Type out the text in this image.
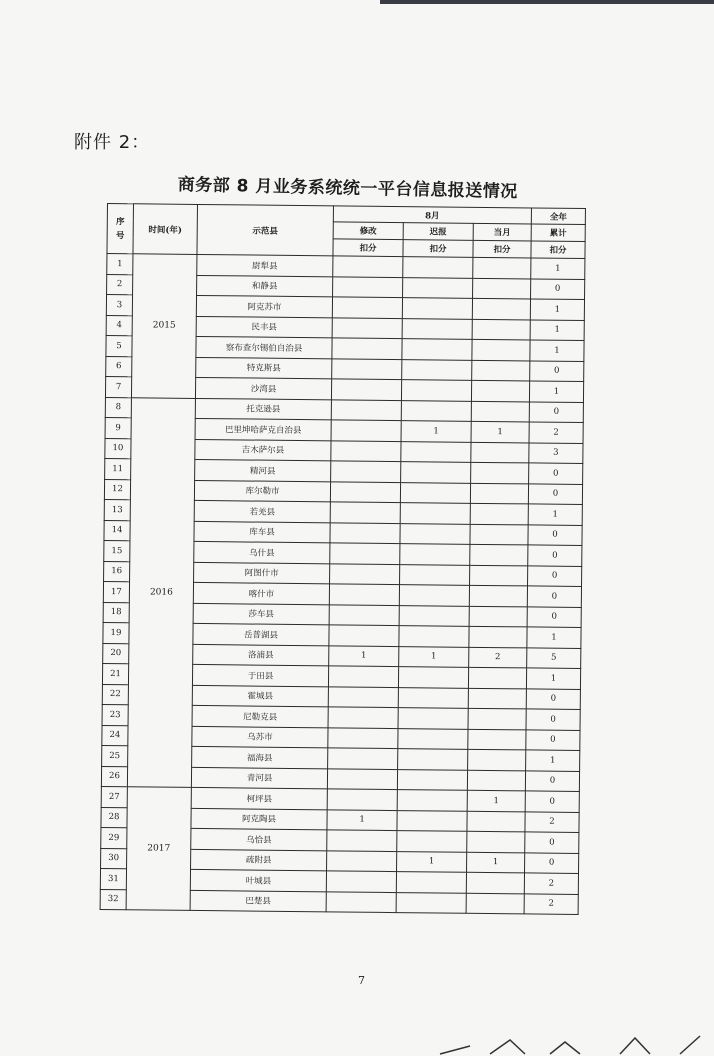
附件 2：
商务部 8 月业务系统统一平台信息报送情况
序号	时间(年)	示范县	8月			全年
			修改	迟报	当月	累计
			扣分	扣分	扣分	扣分
1	2015	尉犁县				1
2		和静县				0
3		阿克苏市				1
4		民丰县				1
5		察布查尔锡伯自治县				1
6		特克斯县				0
7		沙湾县				1
8	2016	托克逊县				0
9		巴里坤哈萨克自治县		1	1	2
10		吉木萨尔县				3
11		精河县				0
12		库尔勒市				0
13		若羌县				1
14		库车县				0
15		乌什县				0
16		阿图什市				0
17		喀什市				0
18		莎车县				0
19		岳普湖县				1
20		洛浦县	1	1	2	5
21		于田县				1
22		霍城县				0
23		尼勒克县				0
24		乌苏市				0
25		福海县				1
26		青河县				0
27	2017	柯坪县			1	0
28		阿克陶县	1			2
29		乌恰县				0
30		疏附县		1	1	0
31		叶城县				2
32		巴楚县				2
7
